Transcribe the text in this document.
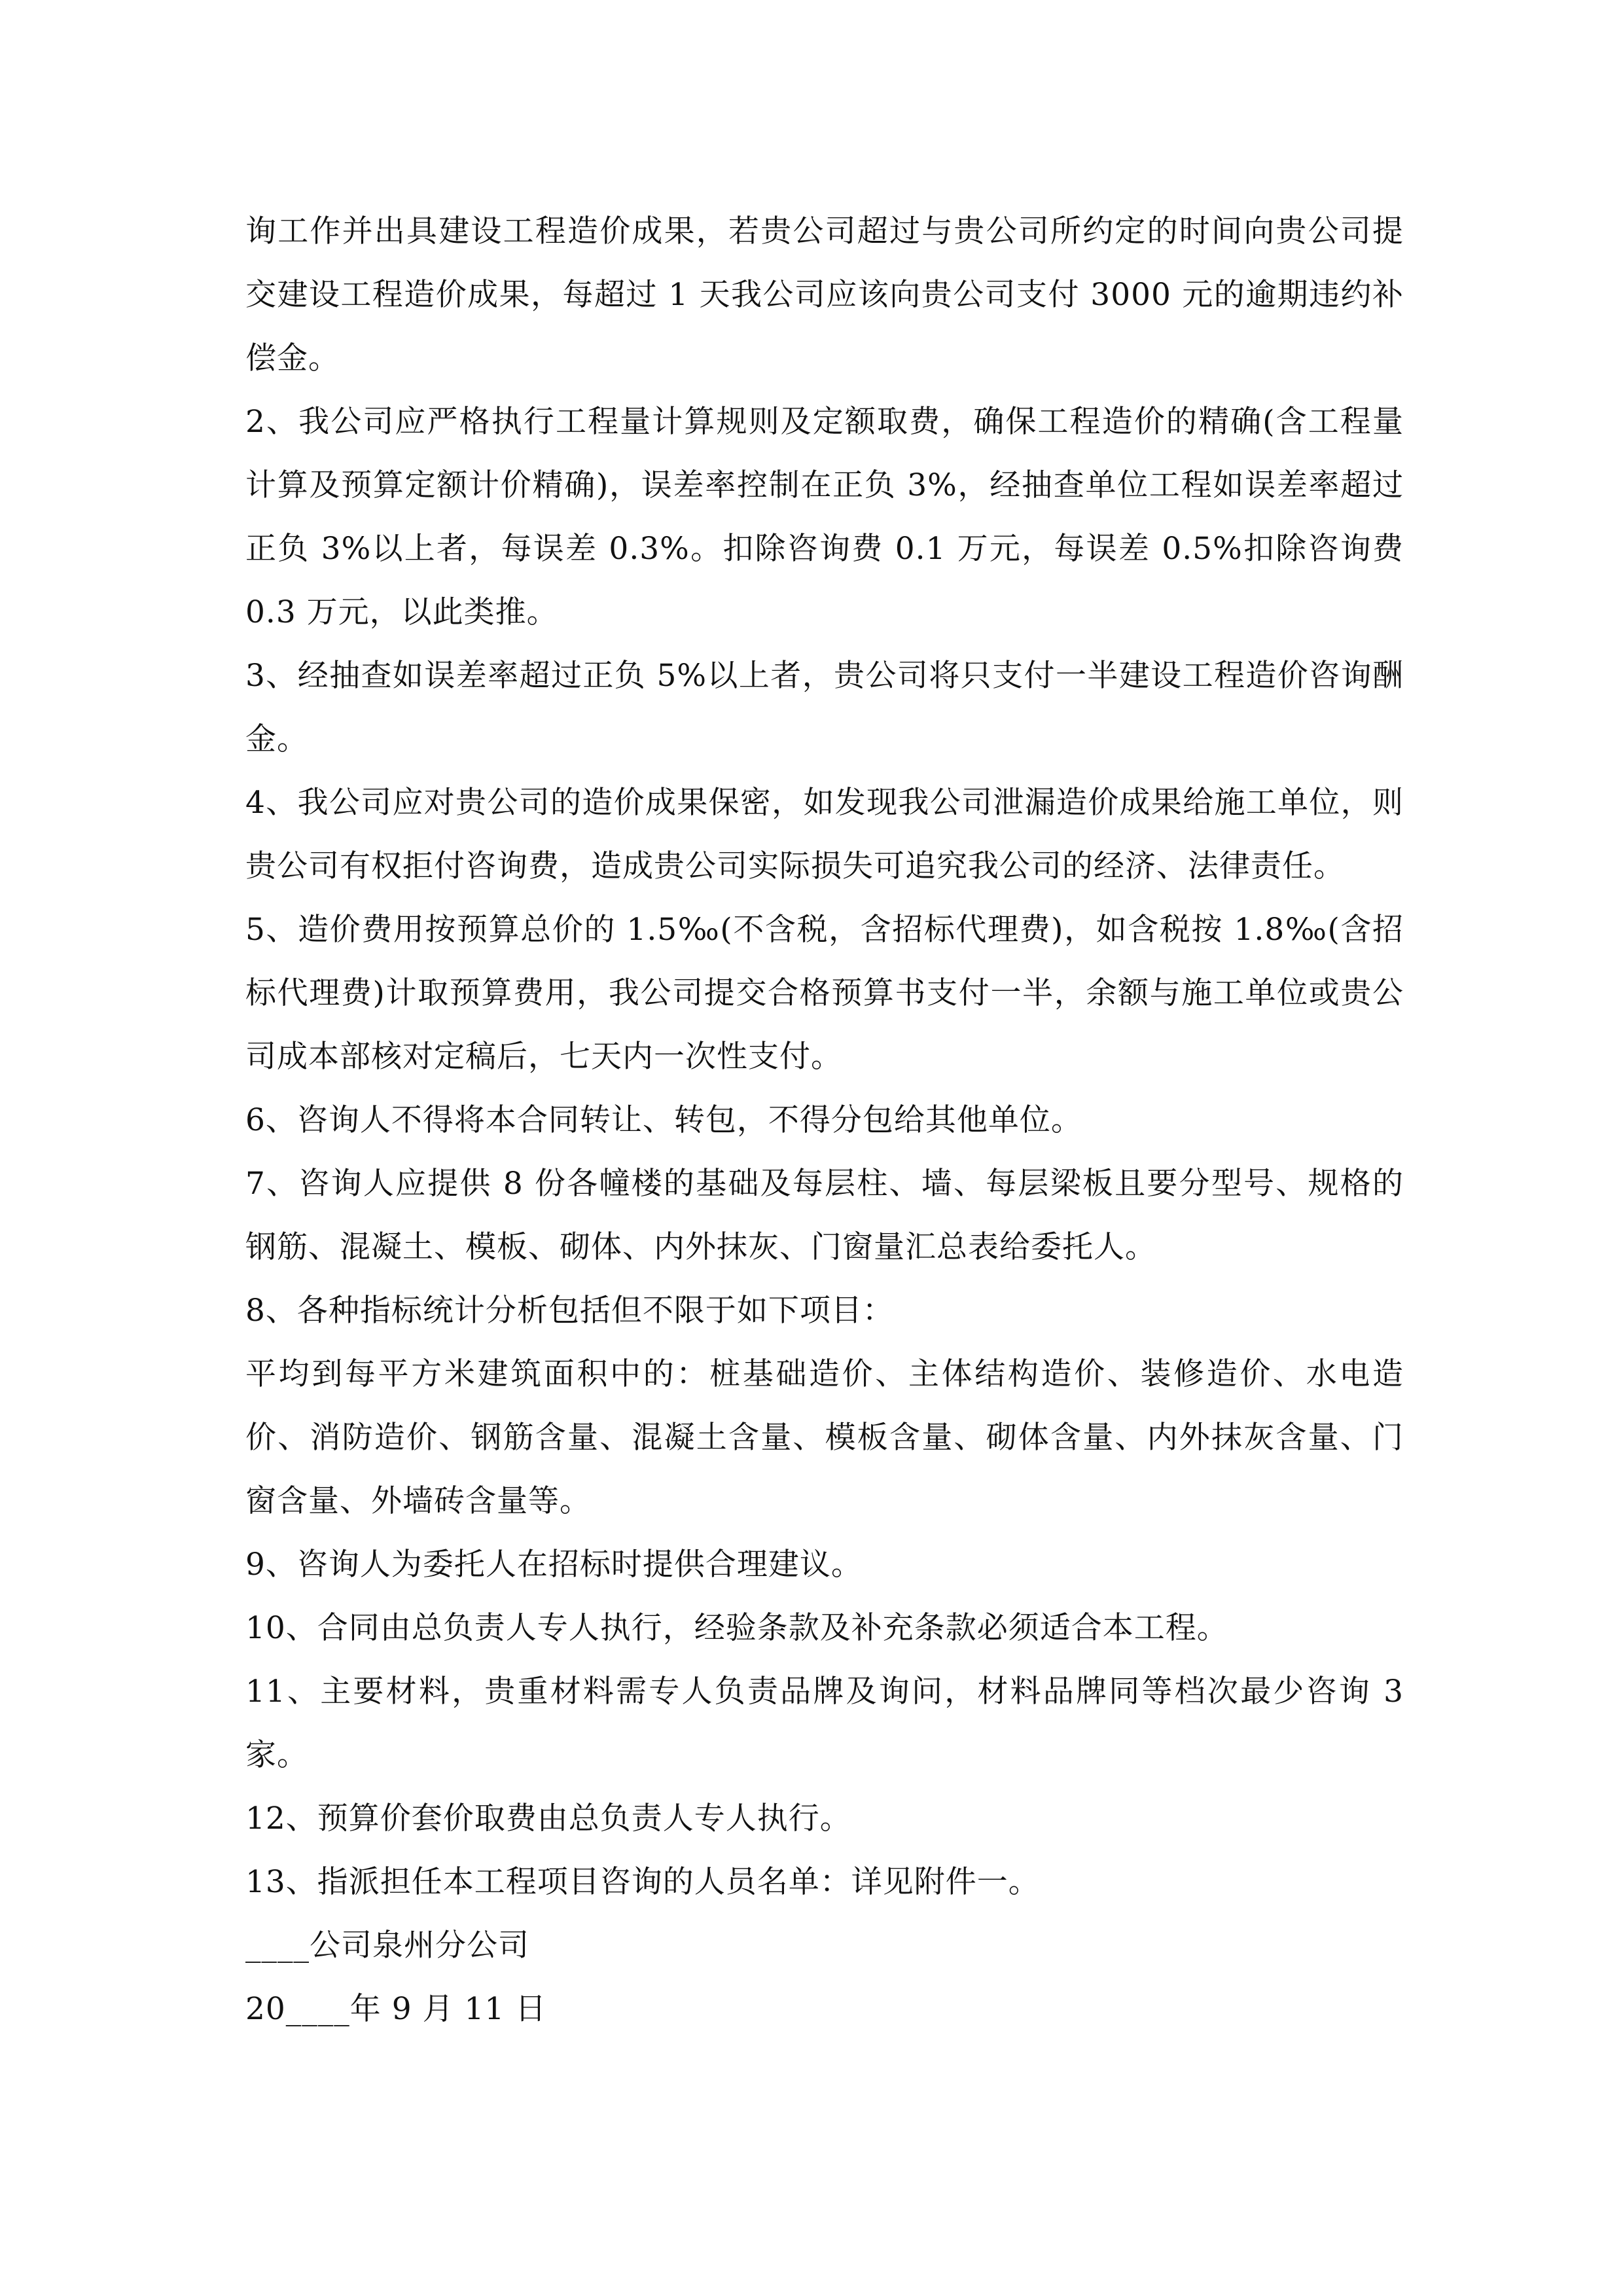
询工作并出具建设工程造价成果，若贵公司超过与贵公司所约定的时间向贵公司提交建设工程造价成果，每超过 1 天我公司应该向贵公司支付 3000 元的逾期违约补偿金。

2、我公司应严格执行工程量计算规则及定额取费，确保工程造价的精确(含工程量计算及预算定额计价精确)，误差率控制在正负 3%，经抽查单位工程如误差率超过正负 3%以上者，每误差 0.3%。扣除咨询费 0.1 万元，每误差 0.5%扣除咨询费 0.3 万元，以此类推。

3、经抽查如误差率超过正负 5%以上者，贵公司将只支付一半建设工程造价咨询酬金。

4、我公司应对贵公司的造价成果保密，如发现我公司泄漏造价成果给施工单位，则贵公司有权拒付咨询费，造成贵公司实际损失可追究我公司的经济、法律责任。

5、造价费用按预算总价的 1.5‰(不含税，含招标代理费)，如含税按 1.8‰(含招标代理费)计取预算费用，我公司提交合格预算书支付一半，余额与施工单位或贵公司成本部核对定稿后，七天内一次性支付。

6、咨询人不得将本合同转让、转包，不得分包给其他单位。

7、咨询人应提供 8 份各幢楼的基础及每层柱、墙、每层梁板且要分型号、规格的钢筋、混凝土、模板、砌体、内外抹灰、门窗量汇总表给委托人。

8、各种指标统计分析包括但不限于如下项目：

平均到每平方米建筑面积中的：桩基础造价、主体结构造价、装修造价、水电造价、消防造价、钢筋含量、混凝土含量、模板含量、砌体含量、内外抹灰含量、门窗含量、外墙砖含量等。

9、咨询人为委托人在招标时提供合理建议。

10、合同由总负责人专人执行，经验条款及补充条款必须适合本工程。

11、主要材料，贵重材料需专人负责品牌及询问，材料品牌同等档次最少咨询 3 家。

12、预算价套价取费由总负责人专人执行。

13、指派担任本工程项目咨询的人员名单：详见附件一。

____公司泉州分公司

20____年 9 月 11 日
